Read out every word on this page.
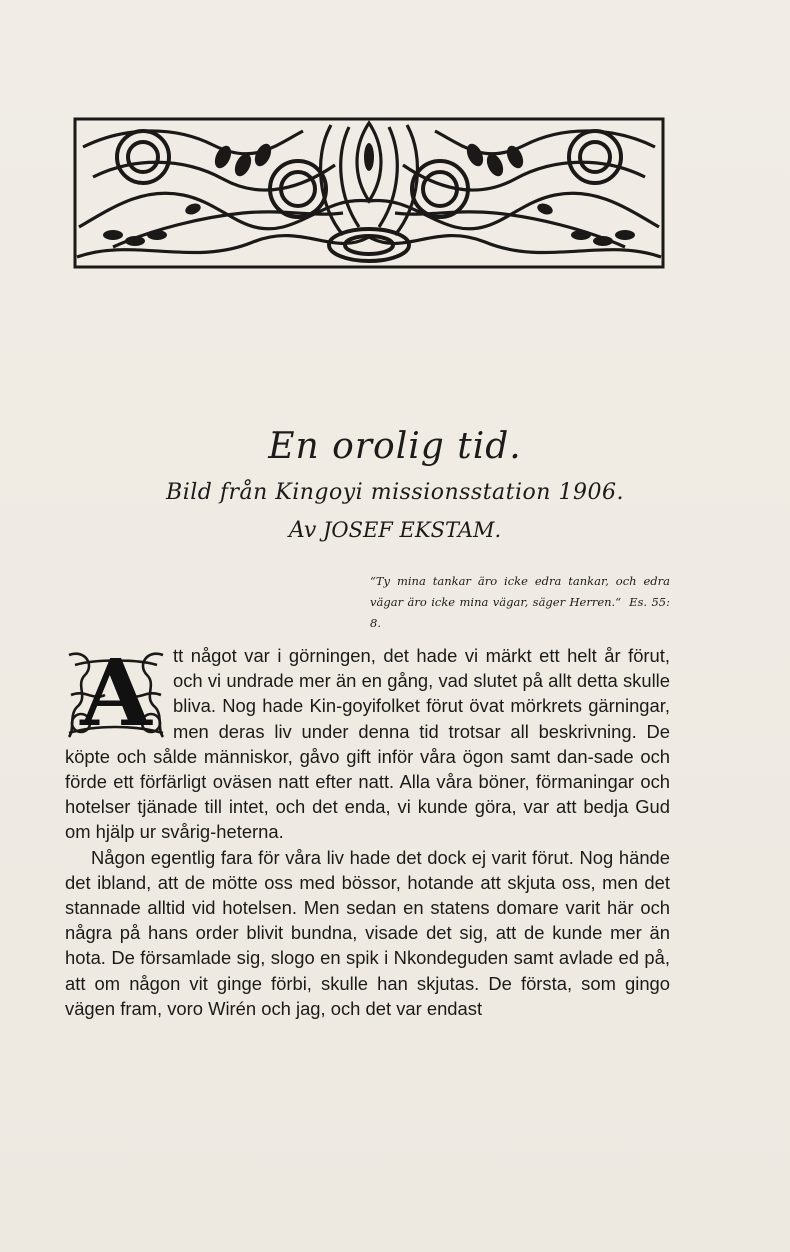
En orolig tid.

Bild från Kingoyi missionsstation 1906.

Av JOSEF EKSTAM.

“Ty mina tankar äro icke edra tankar, och edra vägar äro icke mina vägar, säger Herren.“ Es. 55: 8.

A	tt något var i görningen, det hade vi märkt ett helt år förut, och vi undrade mer än en gång, vad slutet på allt detta skulle bliva. Nog hade Kin-goyifolket förut övat mörkrets gärningar, men deras liv under denna tid trotsar all beskrivning. De köpte och sålde människor, gåvo gift inför våra ögon samt dan-sade och förde ett förfärligt oväsen natt efter natt. Alla våra böner, förmaningar och hotelser tjänade till intet, och det enda, vi kunde göra, var att bedja Gud om hjälp ur svårig-heterna.

Någon egentlig fara för våra liv hade det dock ej varit förut. Nog hände det ibland, att de mötte oss med bössor, hotande att skjuta oss, men det stannade alltid vid hotelsen. Men sedan en statens domare varit här och några på hans order blivit bundna, visade det sig, att de kunde mer än hota. De församlade sig, slogo en spik i Nkondeguden samt avlade ed på, att om någon vit ginge förbi, skulle han skjutas. De första, som gingo vägen fram, voro Wirén och jag, och det var endast
